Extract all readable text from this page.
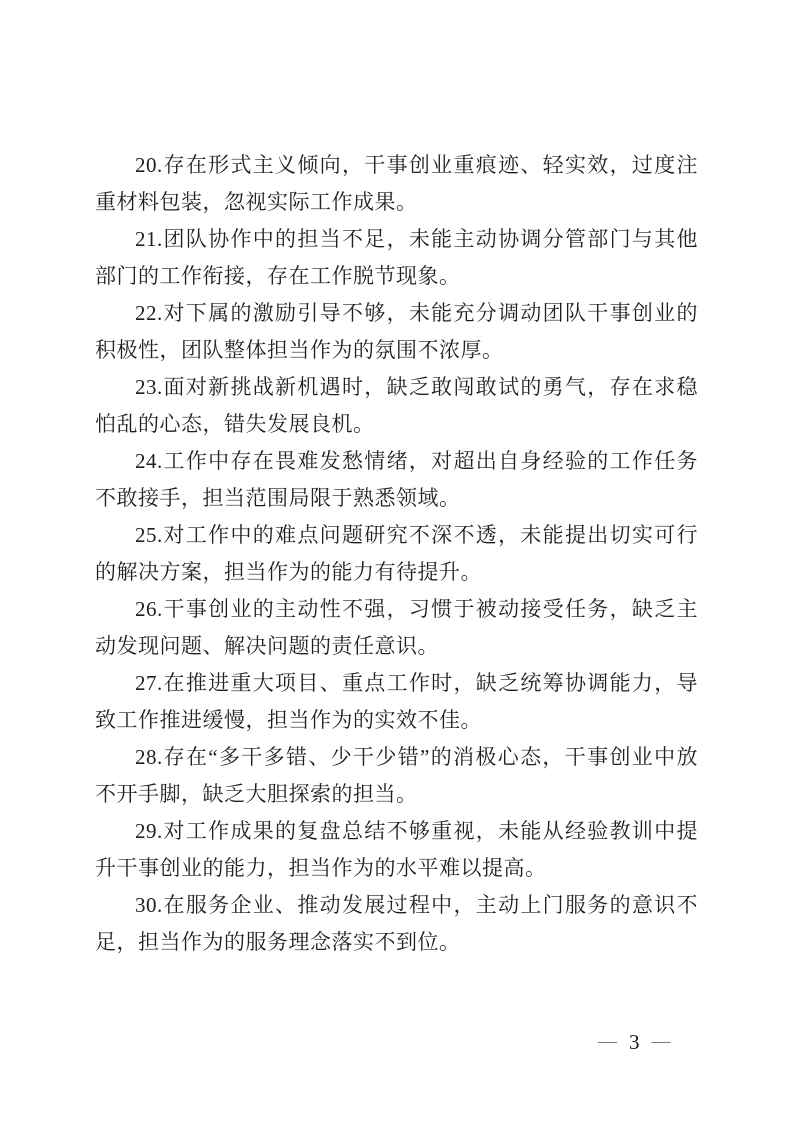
20.存在形式主义倾向，干事创业重痕迹、轻实效，过度注重材料包装，忽视实际工作成果。

21.团队协作中的担当不足，未能主动协调分管部门与其他部门的工作衔接，存在工作脱节现象。

22.对下属的激励引导不够，未能充分调动团队干事创业的积极性，团队整体担当作为的氛围不浓厚。

23.面对新挑战新机遇时，缺乏敢闯敢试的勇气，存在求稳怕乱的心态，错失发展良机。

24.工作中存在畏难发愁情绪，对超出自身经验的工作任务不敢接手，担当范围局限于熟悉领域。

25.对工作中的难点问题研究不深不透，未能提出切实可行的解决方案，担当作为的能力有待提升。

26.干事创业的主动性不强，习惯于被动接受任务，缺乏主动发现问题、解决问题的责任意识。

27.在推进重大项目、重点工作时，缺乏统筹协调能力，导致工作推进缓慢，担当作为的实效不佳。

28.存在“多干多错、少干少错”的消极心态，干事创业中放不开手脚，缺乏大胆探索的担当。

29.对工作成果的复盘总结不够重视，未能从经验教训中提升干事创业的能力，担当作为的水平难以提高。

30.在服务企业、推动发展过程中，主动上门服务的意识不足，担当作为的服务理念落实不到位。

— 3 —
